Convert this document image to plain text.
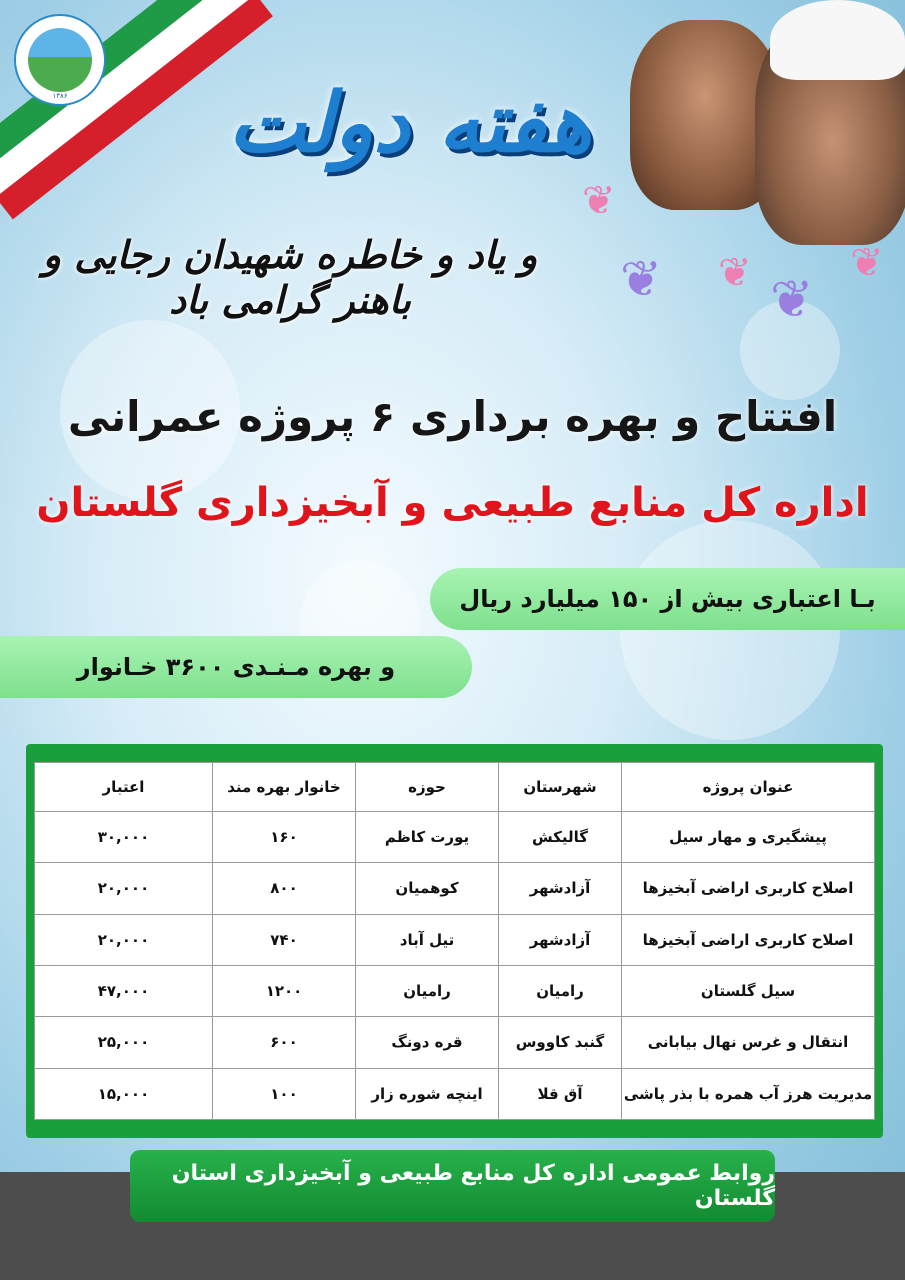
☫
۱۳۸۶
❦
❦ ❦ ❦
❦
هفته دولت
و یاد و خاطره شهیدان رجایی و باهنر گرامی باد
افتتاح و بهره برداری ۶ پروژه عمرانی
اداره کل منابع طبیعی و آبخیزداری گلستان
بـا اعتباری بیش از ۱۵۰ میلیارد ریال
و بهره مـنـدی ۳۶۰۰ خـانوار
عنوان پروژه	شهرستان	حوزه	خانوار بهره مند	اعتبار
پیشگیری و مهار سیل	گالیکش	یورت کاظم	۱۶۰	۳۰,۰۰۰
اصلاح کاربری اراضی آبخیزها	آزادشهر	کوهمیان	۸۰۰	۲۰,۰۰۰
اصلاح کاربری اراضی آبخیزها	آزادشهر	تیل آباد	۷۴۰	۲۰,۰۰۰
سیل گلستان	رامیان	رامیان	۱۲۰۰	۴۷,۰۰۰
انتقال و غرس نهال بیابانی	گنبد کاووس	قره دونگ	۶۰۰	۲۵,۰۰۰
مدیریت هرز آب همره با بذر پاشی	آق قلا	اینچه شوره زار	۱۰۰	۱۵,۰۰۰
روابط عمومی اداره کل منابع طبیعی و آبخیزداری استان گلستان
